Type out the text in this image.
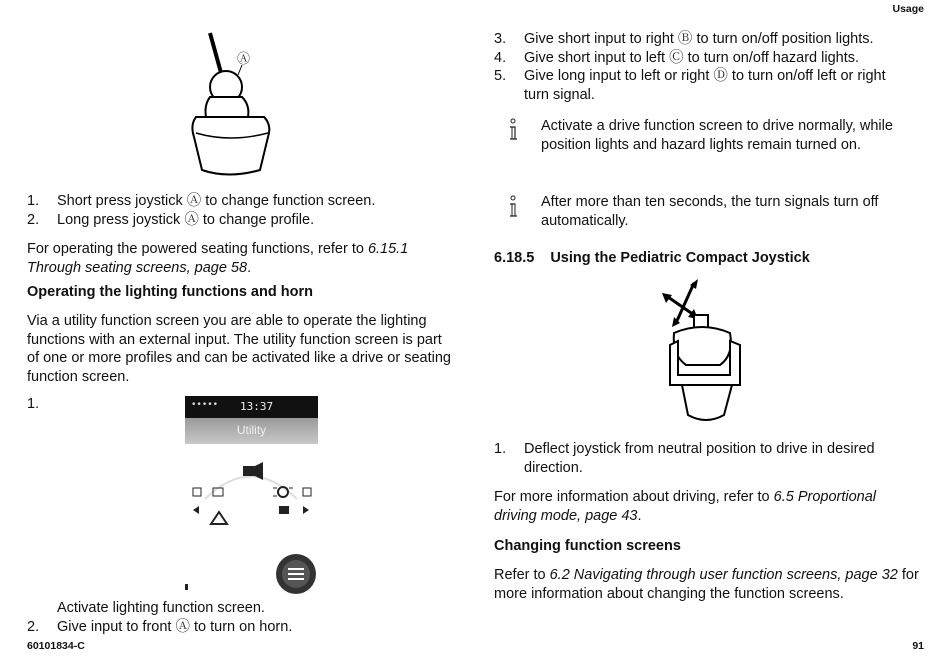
Usage
60101834-C	91
Ⓐ
1. Short press joystick Ⓐ to change function screen.
2. Long press joystick Ⓐ to change profile.
For operating the powered seating functions, refer to 6.15.1 Through seating screens, page 58.
Operating the lighting functions and horn
Via a utility function screen you are able to operate the lighting functions with an external input. The utility function screen is part of one or more profiles and can be activated like a drive or seating function screen.
1.	••••• 13:37
Utility
Activate lighting function screen.
2. Give input to front Ⓐ to turn on horn.
3. Give short input to right Ⓑ to turn on/off position lights.
4. Give short input to left Ⓒ to turn on/off hazard lights.
5. Give long input to left or right Ⓓ to turn on/off left or right turn signal.
Activate a drive function screen to drive normally, while position lights and hazard lights remain turned on.
After more than ten seconds, the turn signals turn off automatically.
6.18.5 Using the Pediatric Compact Joystick
1. Deflect joystick from neutral position to drive in desired direction.
For more information about driving, refer to 6.5 Proportional driving mode, page 43.
Changing function screens
Refer to 6.2 Navigating through user function screens, page 32 for more information about changing the function screens.
